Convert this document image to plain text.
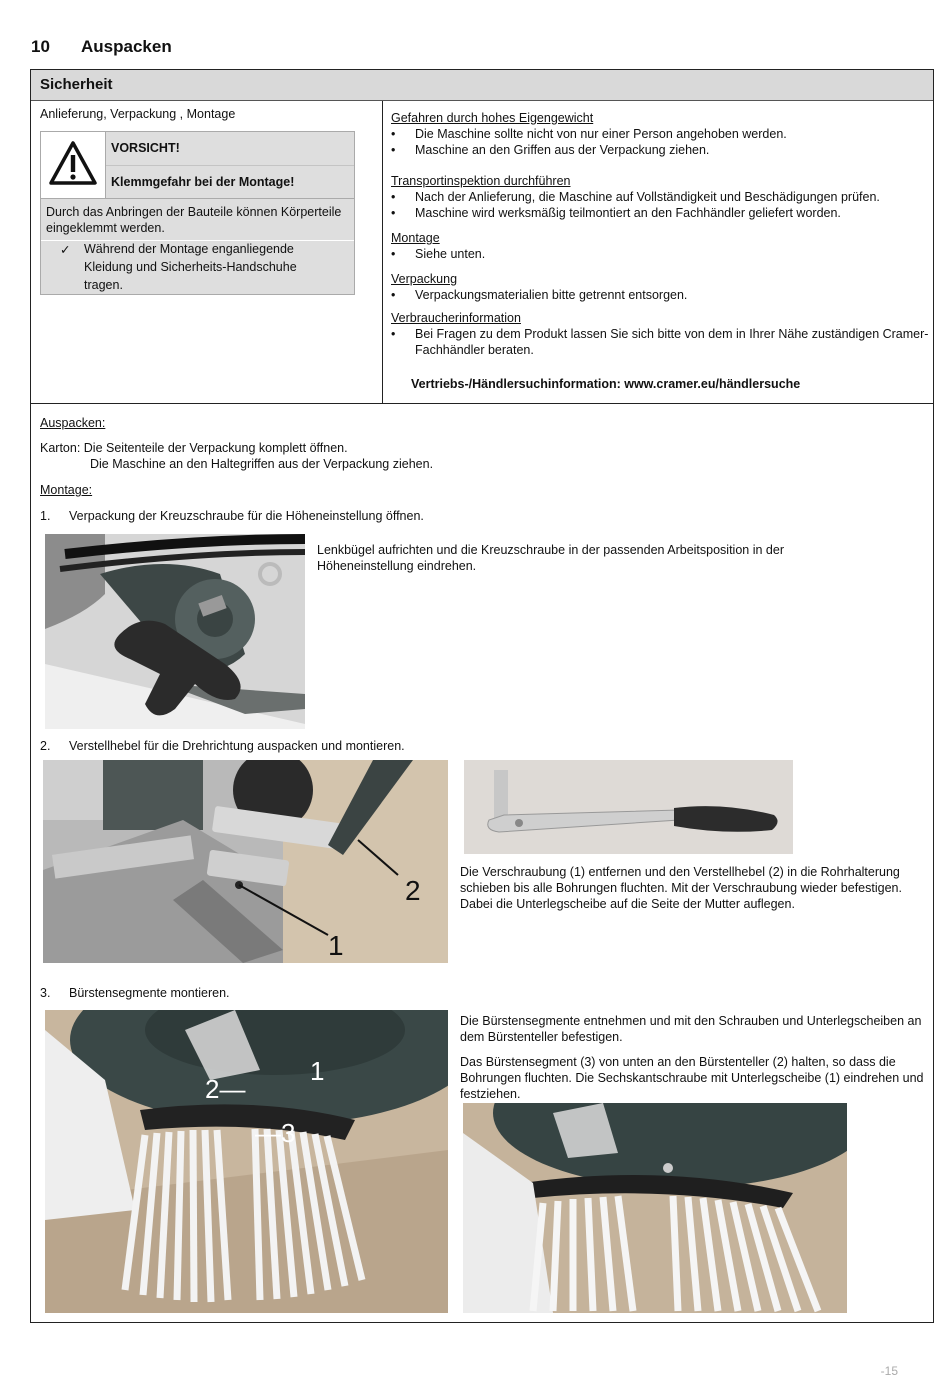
10 Auspacken
Sicherheit
Anlieferung, Verpackung , Montage
VORSICHT!
Klemmgefahr bei der Montage!
Durch das Anbringen der Bauteile können Körperteile eingeklemmt werden.
✓ Während der Montage enganliegende Kleidung und Sicherheits-Handschuhe tragen.
Gefahren durch hohes Eigengewicht
• Die Maschine sollte nicht von nur einer Person angehoben werden.
• Maschine an den Griffen aus der Verpackung ziehen.
Transportinspektion durchführen
• Nach der Anlieferung, die Maschine auf Vollständigkeit und Beschädigungen prüfen.
• Maschine wird werksmäßig teilmontiert an den Fachhändler geliefert worden.
Montage
• Siehe unten.
Verpackung
• Verpackungsmaterialien bitte getrennt entsorgen.
Verbraucherinformation
•	Bei Fragen zu dem Produkt lassen Sie sich bitte von dem in Ihrer Nähe zuständigen Cramer-Fachhändler beraten.
Vertriebs-/Händlersuchinformation: www.cramer.eu/händlersuche
Auspacken:
Karton: Die Seitenteile der Verpackung komplett öffnen.
Die Maschine an den Haltegriffen aus der Verpackung ziehen.
Montage:
1. Verpackung der Kreuzschraube für die Höheneinstellung öffnen.
Lenkbügel aufrichten und die Kreuzschraube in der passenden Arbeitsposition in der Höheneinstellung eindrehen.
2. Verstellhebel für die Drehrichtung auspacken und montieren.
1
2
Die Verschraubung (1) entfernen und den Verstellhebel (2) in die Rohrhalterung schieben bis alle Bohrungen fluchten. Mit der Verschraubung wieder befestigen. Dabei die Unterlegscheibe auf die Seite der Mutter auflegen.
3. Bürstensegmente montieren.
1
2—
—3
Die Bürstensegmente entnehmen und mit den Schrauben und Unterlegscheiben an dem Bürstenteller befestigen.
Das Bürstensegment (3) von unten an den Bürstenteller (2) halten, so dass die Bohrungen fluchten. Die Sechskantschraube mit Unterlegscheibe (1) eindrehen und festziehen.
-15
